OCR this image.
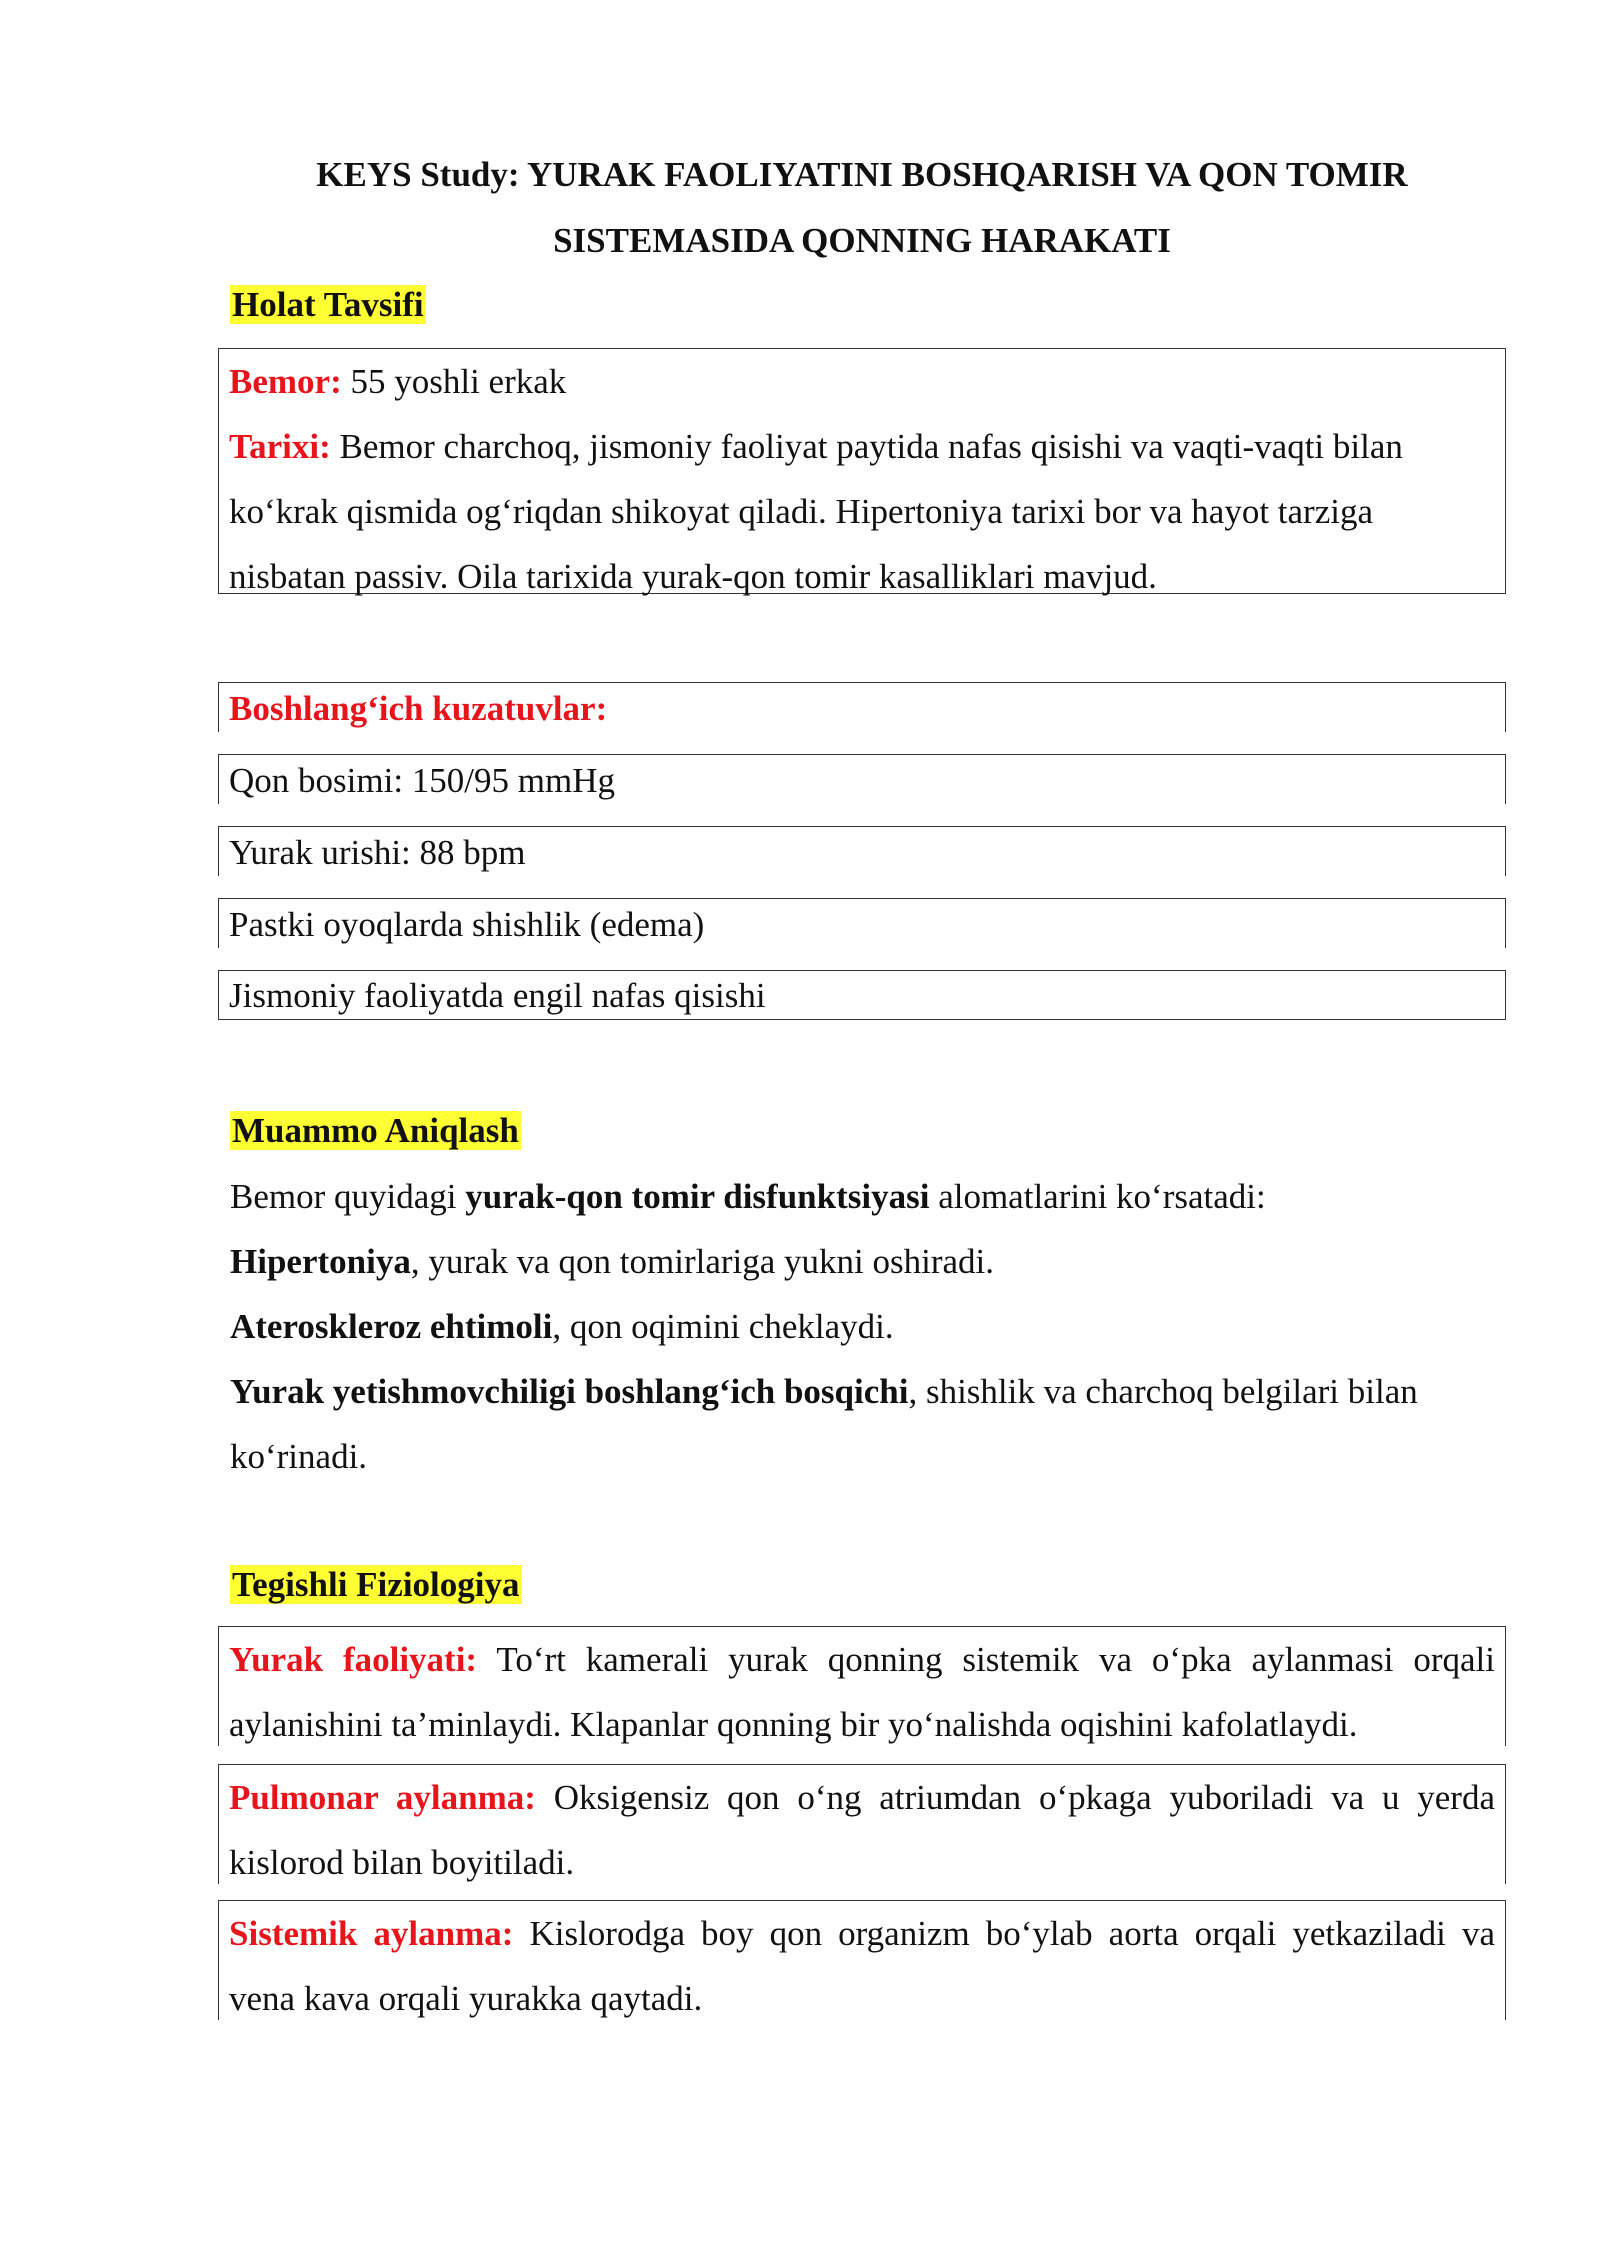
KEYS Study: YURAK FAOLIYATINI BOSHQARISH VA QON TOMIR
SISTEMASIDA QONNING HARAKATI

Holat Tavsifi

Bemor: 55 yoshli erkak
Tarixi: Bemor charchoq, jismoniy faoliyat paytida nafas qisishi va vaqti-vaqti bilan ko‘krak qismida og‘riqdan shikoyat qiladi. Hipertoniya tarixi bor va hayot tarziga nisbatan passiv. Oila tarixida yurak-qon tomir kasalliklari mavjud.
Boshlang‘ich kuzatuvlar:
Qon bosimi: 150/95 mmHg
Yurak urishi: 88 bpm
Pastki oyoqlarda shishlik (edema)
Jismoniy faoliyatda engil nafas qisishi

Muammo Aniqlash

Bemor quyidagi yurak-qon tomir disfunktsiyasi alomatlarini ko‘rsatadi:
Hipertoniya, yurak va qon tomirlariga yukni oshiradi.
Ateroskleroz ehtimoli, qon oqimini cheklaydi.
Yurak yetishmovchiligi boshlang‘ich bosqichi, shishlik va charchoq belgilari bilan ko‘rinadi.

Tegishli Fiziologiya

Yurak faoliyati: To‘rt kamerali yurak qonning sistemik va o‘pka aylanmasi orqali aylanishini ta’minlaydi. Klapanlar qonning bir yo‘nalishda oqishini kafolatlaydi.
Pulmonar aylanma: Oksigensiz qon o‘ng atriumdan o‘pkaga yuboriladi va u yerda kislorod bilan boyitiladi.
Sistemik aylanma: Kislorodga boy qon organizm bo‘ylab aorta orqali yetkaziladi va vena kava orqali yurakka qaytadi.
